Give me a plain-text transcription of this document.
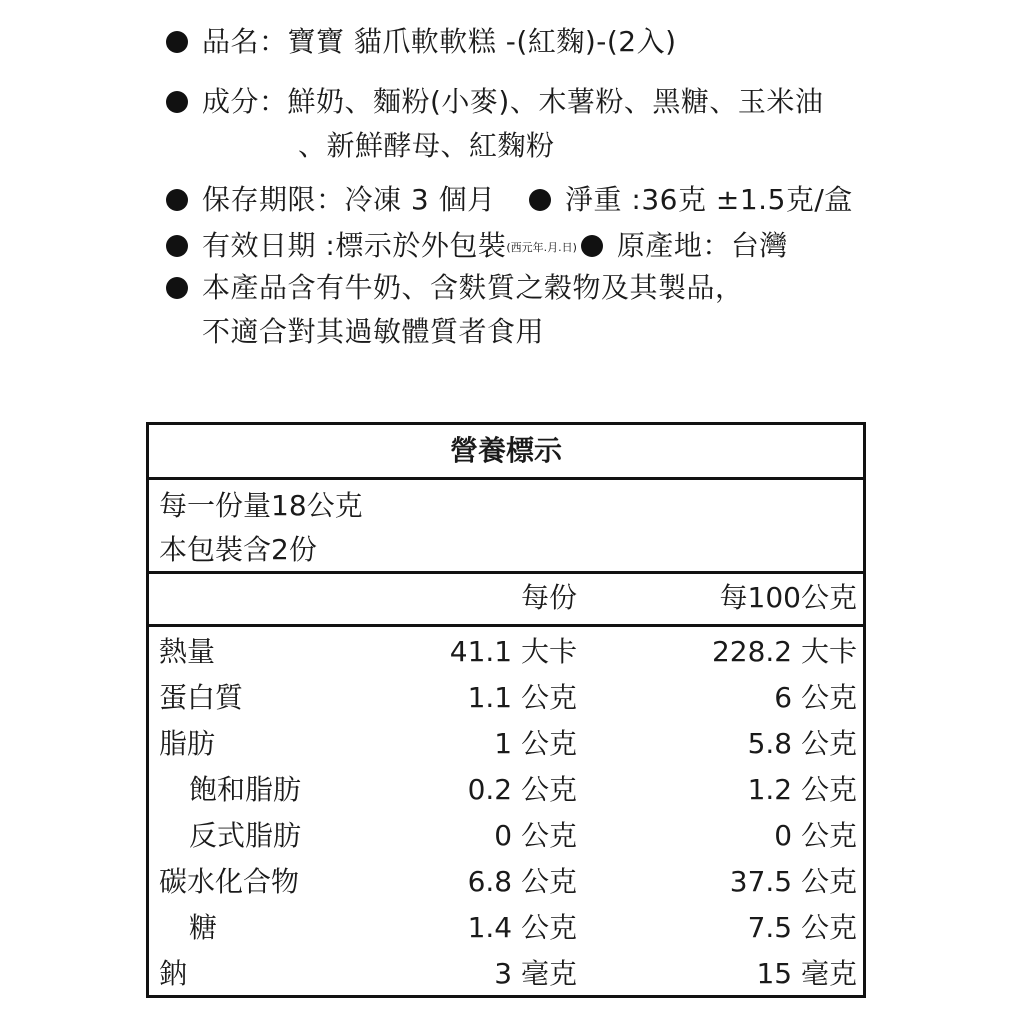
品名：寶寶 貓爪軟軟糕 -(紅麴)-(2入)
成分：鮮奶、麵粉(小麥)、木薯粉、黑糖、玉米油
、新鮮酵母、紅麴粉
保存期限：冷凍 3 個月 淨重 :36克 ±1.5克/盒
有效日期 :標示於外包裝(西元年.月.日) 原產地：台灣
本產品含有牛奶、含麩質之穀物及其製品，
不適合對其過敏體質者食用
營養標示
每一份量18公克
本包裝含2份
每份	每100公克
熱量	41.1 大卡	228.2 大卡
蛋白質	1.1 公克	6 公克
脂肪	1 公克	5.8 公克
飽和脂肪	0.2 公克	1.2 公克
反式脂肪	0 公克	0 公克
碳水化合物	6.8 公克	37.5 公克
糖	1.4 公克	7.5 公克
鈉	3 毫克	15 毫克
